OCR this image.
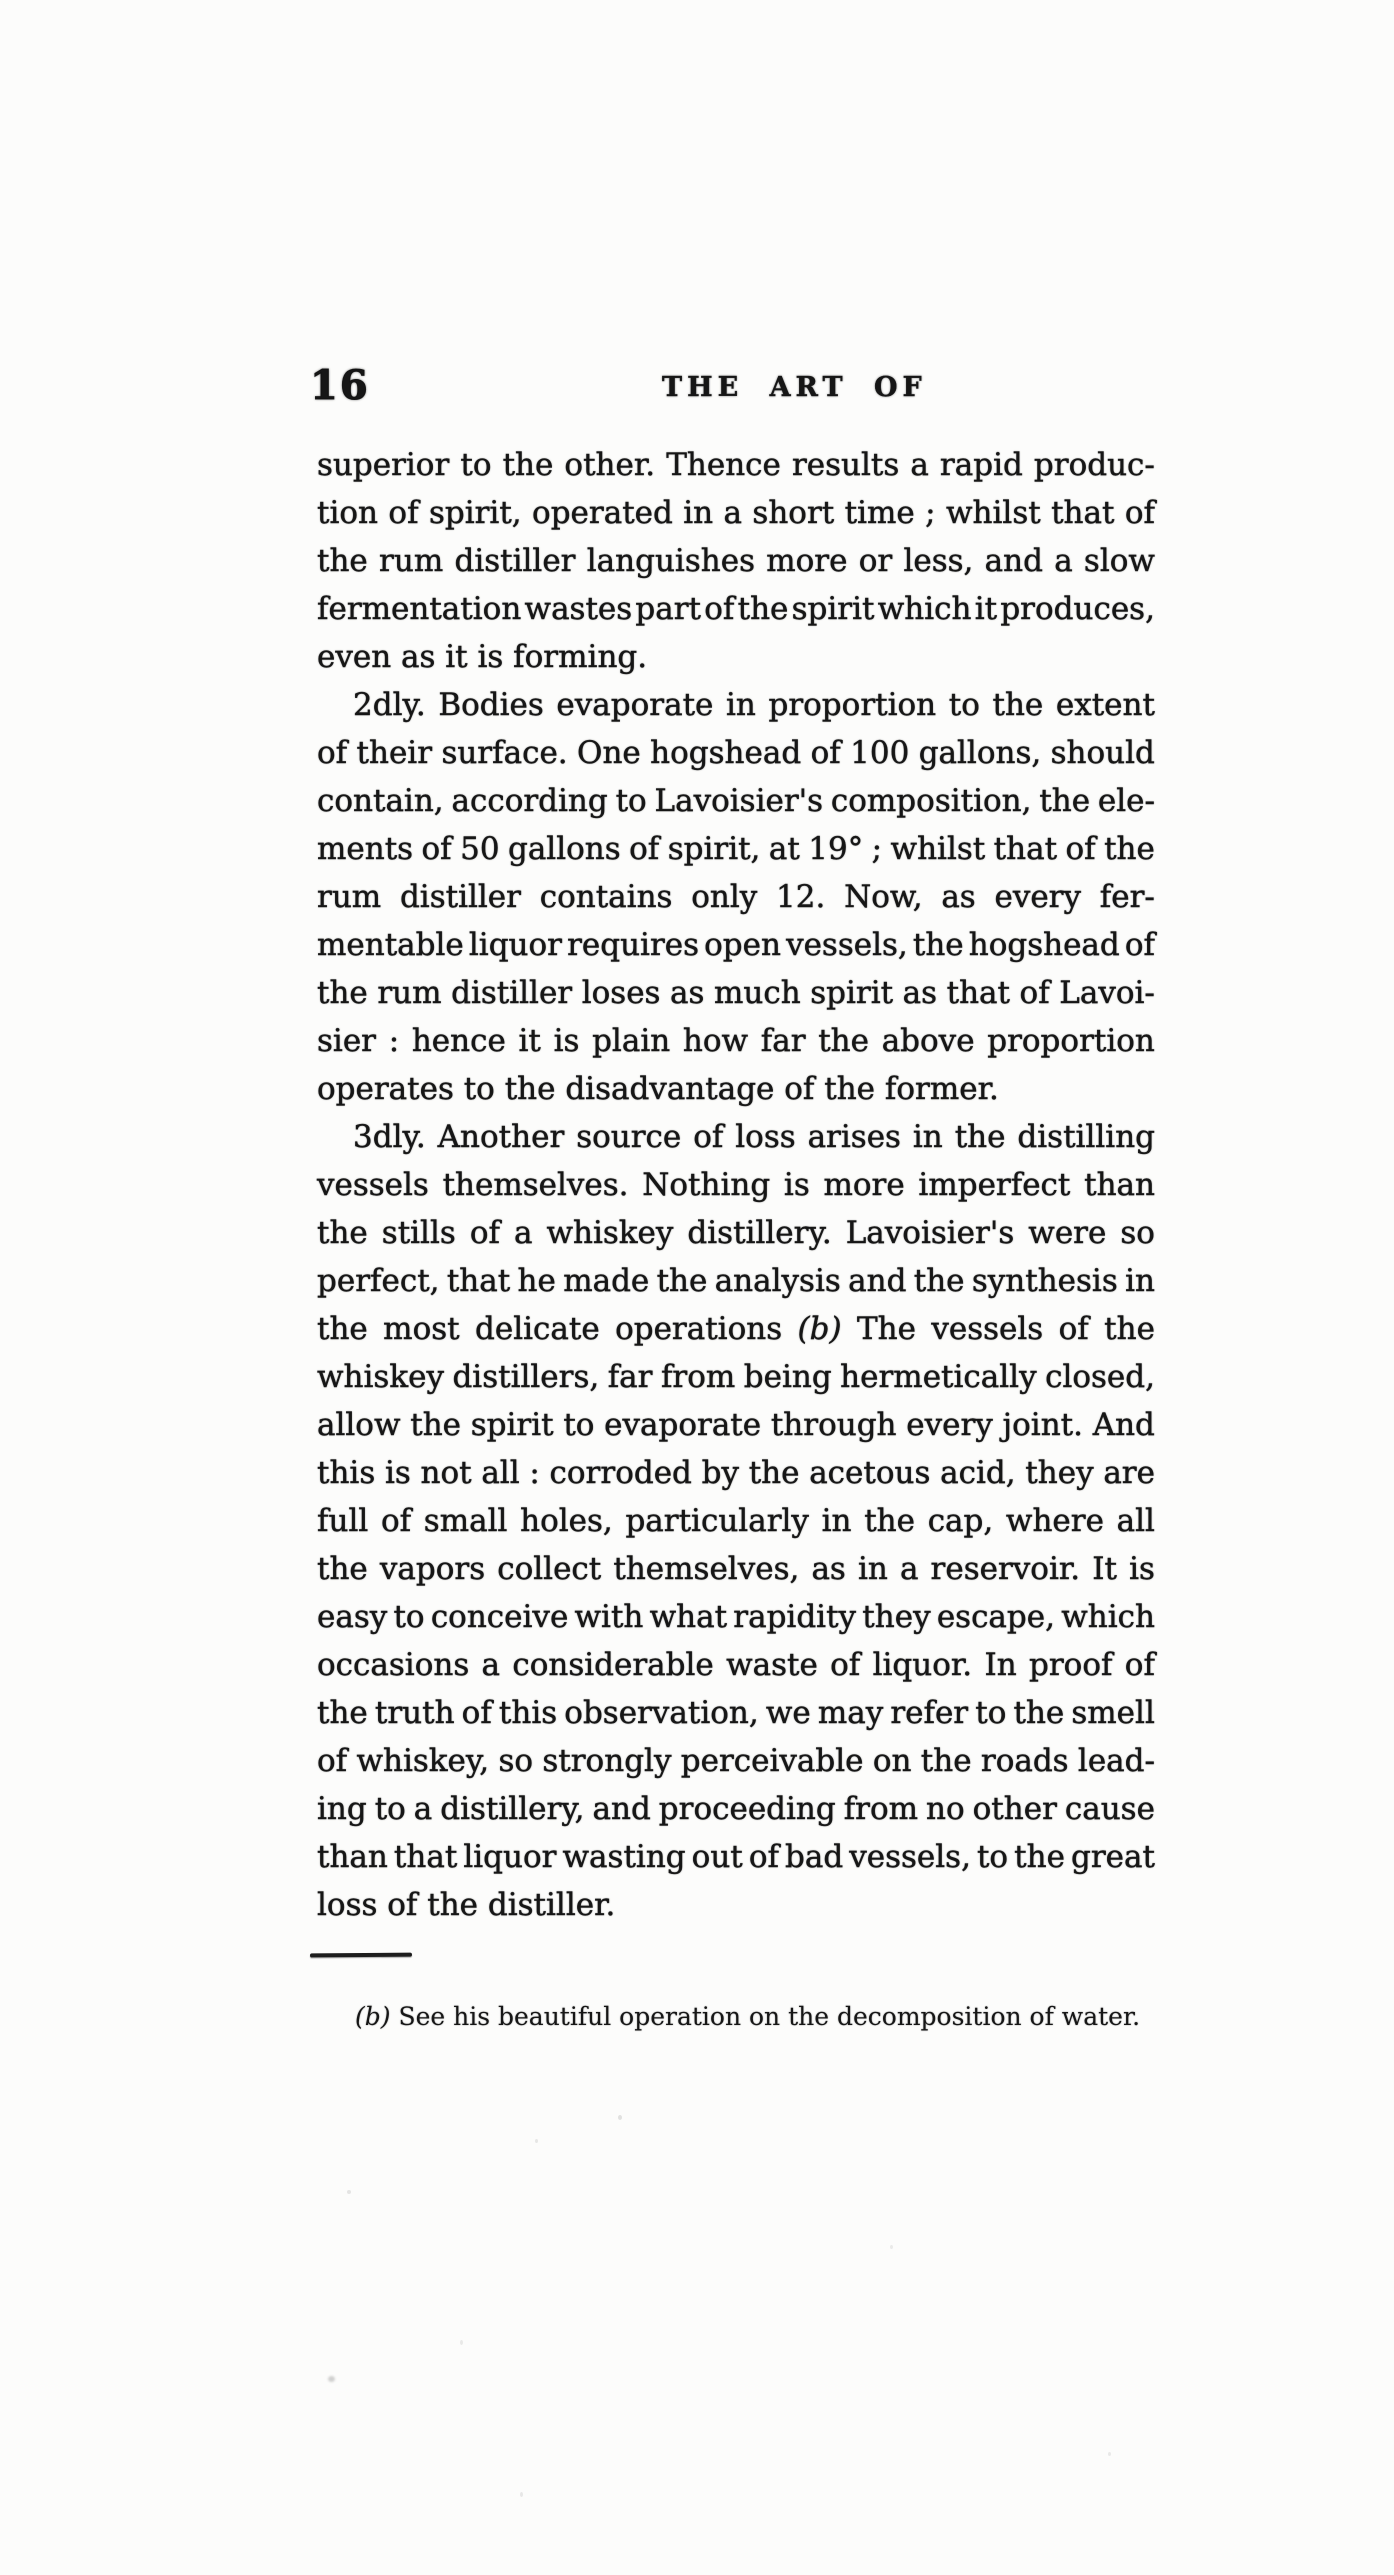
16	THE ART OF
superior to the other. Thence results a rapid produc-
tion of spirit, operated in a short time ; whilst that of
the rum distiller languishes more or less, and a slow
fermentation wastes part of the spirit which it produces,
even as it is forming.
2dly. Bodies evaporate in proportion to the extent
of their surface. One hogshead of 100 gallons, should
contain, according to Lavoisier's composition, the ele-
ments of 50 gallons of spirit, at 19° ; whilst that of the
rum distiller contains only 12. Now, as every fer-
mentable liquor requires open vessels, the hogshead of
the rum distiller loses as much spirit as that of Lavoi-
sier : hence it is plain how far the above proportion
operates to the disadvantage of the former.
3dly. Another source of loss arises in the distilling
vessels themselves. Nothing is more imperfect than
the stills of a whiskey distillery. Lavoisier's were so
perfect, that he made the analysis and the synthesis in
the most delicate operations (b) The vessels of the
whiskey distillers, far from being hermetically closed,
allow the spirit to evaporate through every joint. And
this is not all : corroded by the acetous acid, they are
full of small holes, particularly in the cap, where all
the vapors collect themselves, as in a reservoir. It is
easy to conceive with what rapidity they escape, which
occasions a considerable waste of liquor. In proof of
the truth of this observation, we may refer to the smell
of whiskey, so strongly perceivable on the roads lead-
ing to a distillery, and proceeding from no other cause
than that liquor wasting out of bad vessels, to the great
loss of the distiller.
(b) See his beautiful operation on the decomposition of water.
